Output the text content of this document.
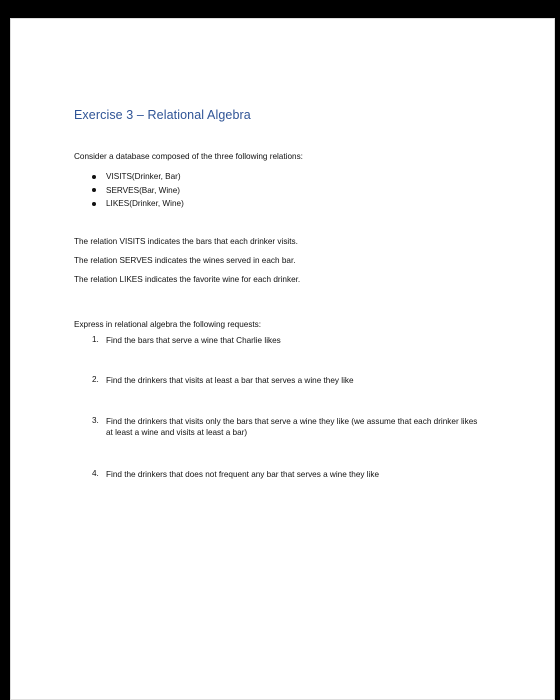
Exercise 3 – Relational Algebra
Consider a database composed of the three following relations:
VISITS(Drinker, Bar)
SERVES(Bar, Wine)
LIKES(Drinker, Wine)
The relation VISITS indicates the bars that each drinker visits.
The relation SERVES indicates the wines served in each bar.
The relation LIKES indicates the favorite wine for each drinker.
Express in relational algebra the following requests:
1. Find the bars that serve a wine that Charlie likes
2. Find the drinkers that visits at least a bar that serves a wine they like
3. Find the drinkers that visits only the bars that serve a wine they like (we assume that each drinker likes at least a wine and visits at least a bar)
4. Find the drinkers that does not frequent any bar that serves a wine they like
